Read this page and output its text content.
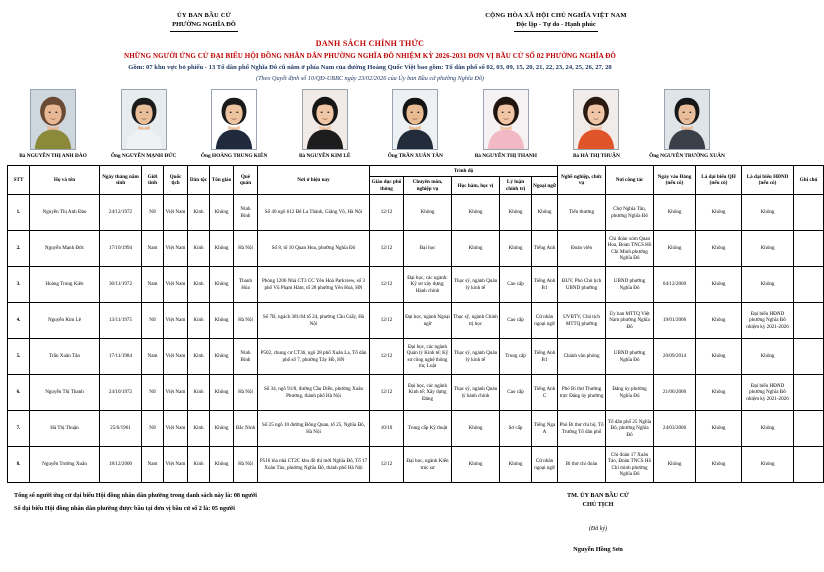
ỦY BAN BẦU CỬ
PHƯỜNG NGHĨA ĐÔ
CỘNG HÒA XÃ HỘI CHỦ NGHĨA VIỆT NAM
Độc lập - Tự do - Hạnh phúc
DANH SÁCH CHÍNH THỨC
NHỮNG NGƯỜI ỨNG CỬ ĐẠI BIỂU HỘI ĐỒNG NHÂN DÂN PHƯỜNG NGHĨA ĐÔ NHIỆM KỲ 2026-2031 ĐƠN VỊ BẦU CỬ SỐ 02 PHƯỜNG NGHĨA ĐÔ
Gồm: 07 khu vực bỏ phiếu - 13 Tổ dân phố Nghĩa Đô cũ nằm ở phía Nam của đường Hoàng Quốc Việt bao gồm: Tổ dân phố số 02, 03, 09, 15, 20, 21, 22, 23, 24, 25, 26, 27, 28
(Theo Quyết định số 10/QĐ-UBBC ngày 23/02/2026 của Ủy ban Bầu cử phường Nghĩa Đô)
Bà NGUYỄN THỊ ANH ĐÀO	Ông NGUYỄN MẠNH ĐỨC	Ông HOÀNG TRUNG KIÊN	Bà NGUYỄN KIM LÊ	Ông TRẦN XUÂN TÂN	Bà NGUYỄN THỊ THANH	Bà HÀ THỊ THUẬN	Ông NGUYỄN TRƯỜNG XUÂN
STT	Họ và tên	Ngày tháng năm sinh	Giới tính	Quốc tịch	Dân tộc	Tôn giáo	Quê quán	Nơi ở hiện nay	Trình độ					Nghề nghiệp, chức vụ	Nơi công tác	Ngày vào Đảng (nếu có)	Là đại biểu QH (nếu có)	Là đại biểu HĐND (nếu có)	Ghi chú
									Giáo dục phổ thông	Chuyên môn, nghiệp vụ	Học hàm, học vị	Lý luận chính trị	Ngoại ngữ						
1.	Nguyễn Thị Anh Đào	24/12/1972	Nữ	Việt Nam	Kinh	Không	Ninh Bình	Số 40 ngõ 612 Đê La Thành, Giảng Võ, Hà Nội	12/12	Không	Không	Không	Không	Tiểu thương	Chợ Nghĩa Tân, phường Nghĩa Đô	Không	Không	Không	
2.	Nguyễn Mạnh Đức	17/10/1994	Nam	Việt Nam	Kinh	Không	Hà Nội	Số 8, tổ 10 Quan Hoa, phường Nghĩa Đô	12/12	Đại học	Không	Không	Tiếng Anh	Đoàn viên	Chi đoàn xóm Quan Hoa, Đoàn TNCS Hồ Chí Minh phường Nghĩa Đô	Không	Không	Không	
3.	Hoàng Trung Kiên	30/11/1972	Nam	Việt Nam	Kinh	Không	Thanh Hóa	Phòng 1206 Nhà CT3 CC Yên Hoà Parkview, số 3 phố Vũ Phạm Hàm, tổ 28 phường Yên Hoà, HN	12/12	Đại học, các ngành: Kỹ sư xây dựng; Hành chính	Thạc sỹ, ngành Quản lý kinh tế	Cao cấp	Tiếng Anh B1	ĐUV, Phó Chủ tịch UBND phường	UBND phường Nghĩa Đô	04/12/2000	Không	Không	
4.	Nguyễn Kim Lê	13/11/1975	Nữ	Việt Nam	Kinh	Không	Hà Nội	Số 7B, ngách 381/64 tổ 24, phường Cầu Giấy, Hà Nội	12/12	Đại học, ngành Ngoại ngữ	Thạc sỹ, ngành Chính trị học	Cao cấp	Cử nhân ngoại ngữ	UVBTV, Chủ tịch MTTQ phường	Ủy ban MTTQ Việt Nam phường Nghĩa Đô	19/01/2006	Không	Đại biểu HĐND phường Nghĩa Đô nhiệm kỳ 2021-2026	
5.	Trần Xuân Tân	17/11/1984	Nam	Việt Nam	Kinh	Không	Ninh Bình	P502, chung cư CT36, ngõ 28 phố Xuân La, Tổ dân phố số 7, phường Tây Hồ, HN	12/12	Đại học, các ngành Quản lý Kinh tế; Kỹ sư công nghệ thông tin; Luật	Thạc sỹ, ngành Quản lý kinh tế	Trung cấp	Tiếng Anh B1	Chánh văn phòng	UBND phường Nghĩa Đô	20/09/2014	Không	Không	
6.	Nguyễn Thị Thanh	24/10/1972	Nữ	Việt Nam	Kinh	Không	Hà Nội	Số 34, ngõ 91/8, đường Cầu Diễn, phường Xuân Phương, thành phố Hà Nội	12/12	Đại học, các ngành Kinh tế; Xây dựng Đảng	Thạc sỹ, ngành Quản lý hành chính	Cao cấp	Tiếng Anh C	Phó Bí thư Thường trực Đảng ủy phường	Đảng ủy phường Nghĩa Đô	21/06/2000	Không	Đại biểu HĐND phường Nghĩa Đô nhiệm kỳ 2021-2026	
7.	Hà Thị Thuận	25/6/1961	Nữ	Việt Nam	Kinh	Không	Bắc Ninh	Số 25 ngõ 10 đường Đông Quan, tổ 25, Nghĩa Đô, Hà Nội	10/10	Trung cấp Kỹ thuật	Không	Sơ cấp	Tiếng Nga A	Phó Bí thư chi bộ, Tổ Trưởng Tổ dân phố	Tổ dân phố 25 Nghĩa Đô, phường Nghĩa Đô	24/03/2006	Không	Không	
8.	Nguyễn Trường Xuân	18/12/2000	Nam	Việt Nam	Kinh	Không	Hà Nội	P516 tòa nhà CT2C khu đô thị mới Nghĩa Đô, Tổ 17 Xuân Tảo, phường Nghĩa Đô, thành phố Hà Nội	12/12	Đại học, ngành Kiến trúc sư	Không	Không	Cử nhân ngoại ngữ	Bí thư chi đoàn	Chi đoàn 17 Xuân Tảo, Đoàn TNCS Hồ Chí minh phường Nghĩa Đô	Không	Không	Không	

Tổng số người ứng cử đại biểu Hội đồng nhân dân phường trong danh sách này là: 08 người

Số đại biểu Hội đồng nhân dân phường được bầu tại đơn vị bầu cử số 2 là: 05 người

TM. ỦY BAN BẦU CỬ
CHỦ TỊCH
(Đã ký)
Nguyễn Hồng Sơn
